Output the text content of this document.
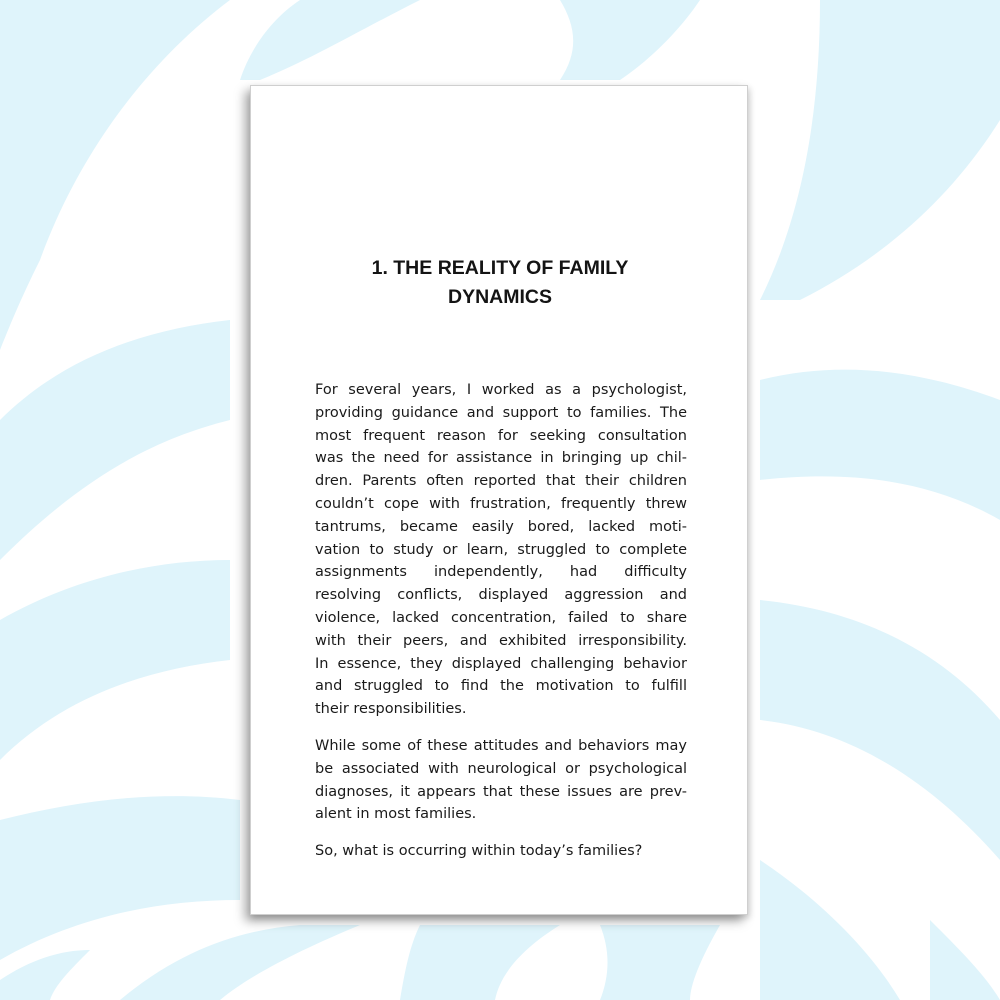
1. THE REALITY OF FAMILY
DYNAMICS

For several years, I worked as a psychologist,
providing guidance and support to families. The
most frequent reason for seeking consultation
was the need for assistance in bringing up chil-
dren. Parents often reported that their children
couldn’t cope with frustration, frequently threw
tantrums, became easily bored, lacked moti-
vation to study or learn, struggled to complete
assignments independently, had difficulty
resolving conflicts, displayed aggression and
violence, lacked concentration, failed to share
with their peers, and exhibited irresponsibility.
In essence, they displayed challenging behavior
and struggled to find the motivation to fulfill
their responsibilities.

While some of these attitudes and behaviors may
be associated with neurological or psychological
diagnoses, it appears that these issues are prev-
alent in most families.

So, what is occurring within today’s families?
